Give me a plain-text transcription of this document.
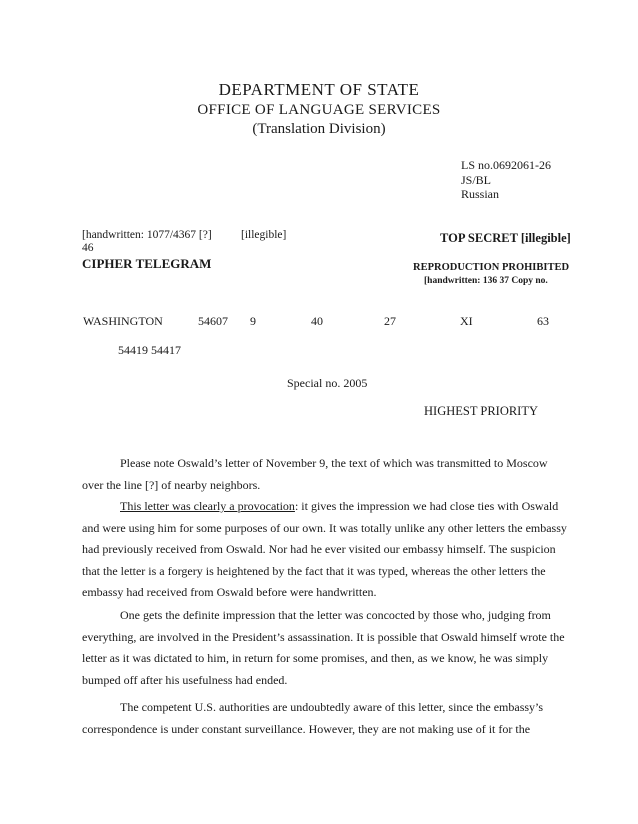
DEPARTMENT OF STATE
OFFICE OF LANGUAGE SERVICES
(Translation Division)
LS no.0692061-26
JS/BL
Russian
[handwritten: 1077/4367 [?]	[illegible]
46
CIPHER TELEGRAM
TOP SECRET [illegible]
REPRODUCTION PROHIBITED
[handwritten: 136 37 Copy no.
WASHINGTON	54607 9	40	27	XI	63
54419 54417
Special no. 2005
HIGHEST PRIORITY
Please note Oswald’s letter of November 9, the text of which was transmitted to Moscow over the line [?] of nearby neighbors.
This letter was clearly a provocation: it gives the impression we had close ties with Oswald and were using him for some purposes of our own. It was totally unlike any other letters the embassy had previously received from Oswald. Nor had he ever visited our embassy himself. The suspicion that the letter is a forgery is heightened by the fact that it was typed, whereas the other letters the embassy had received from Oswald before were handwritten.
One gets the definite impression that the letter was concocted by those who, judging from everything, are involved in the President’s assassination. It is possible that Oswald himself wrote the letter as it was dictated to him, in return for some promises, and then, as we know, he was simply bumped off after his usefulness had ended.
The competent U.S. authorities are undoubtedly aware of this letter, since the embassy’s correspondence is under constant surveillance. However, they are not making use of it for the
